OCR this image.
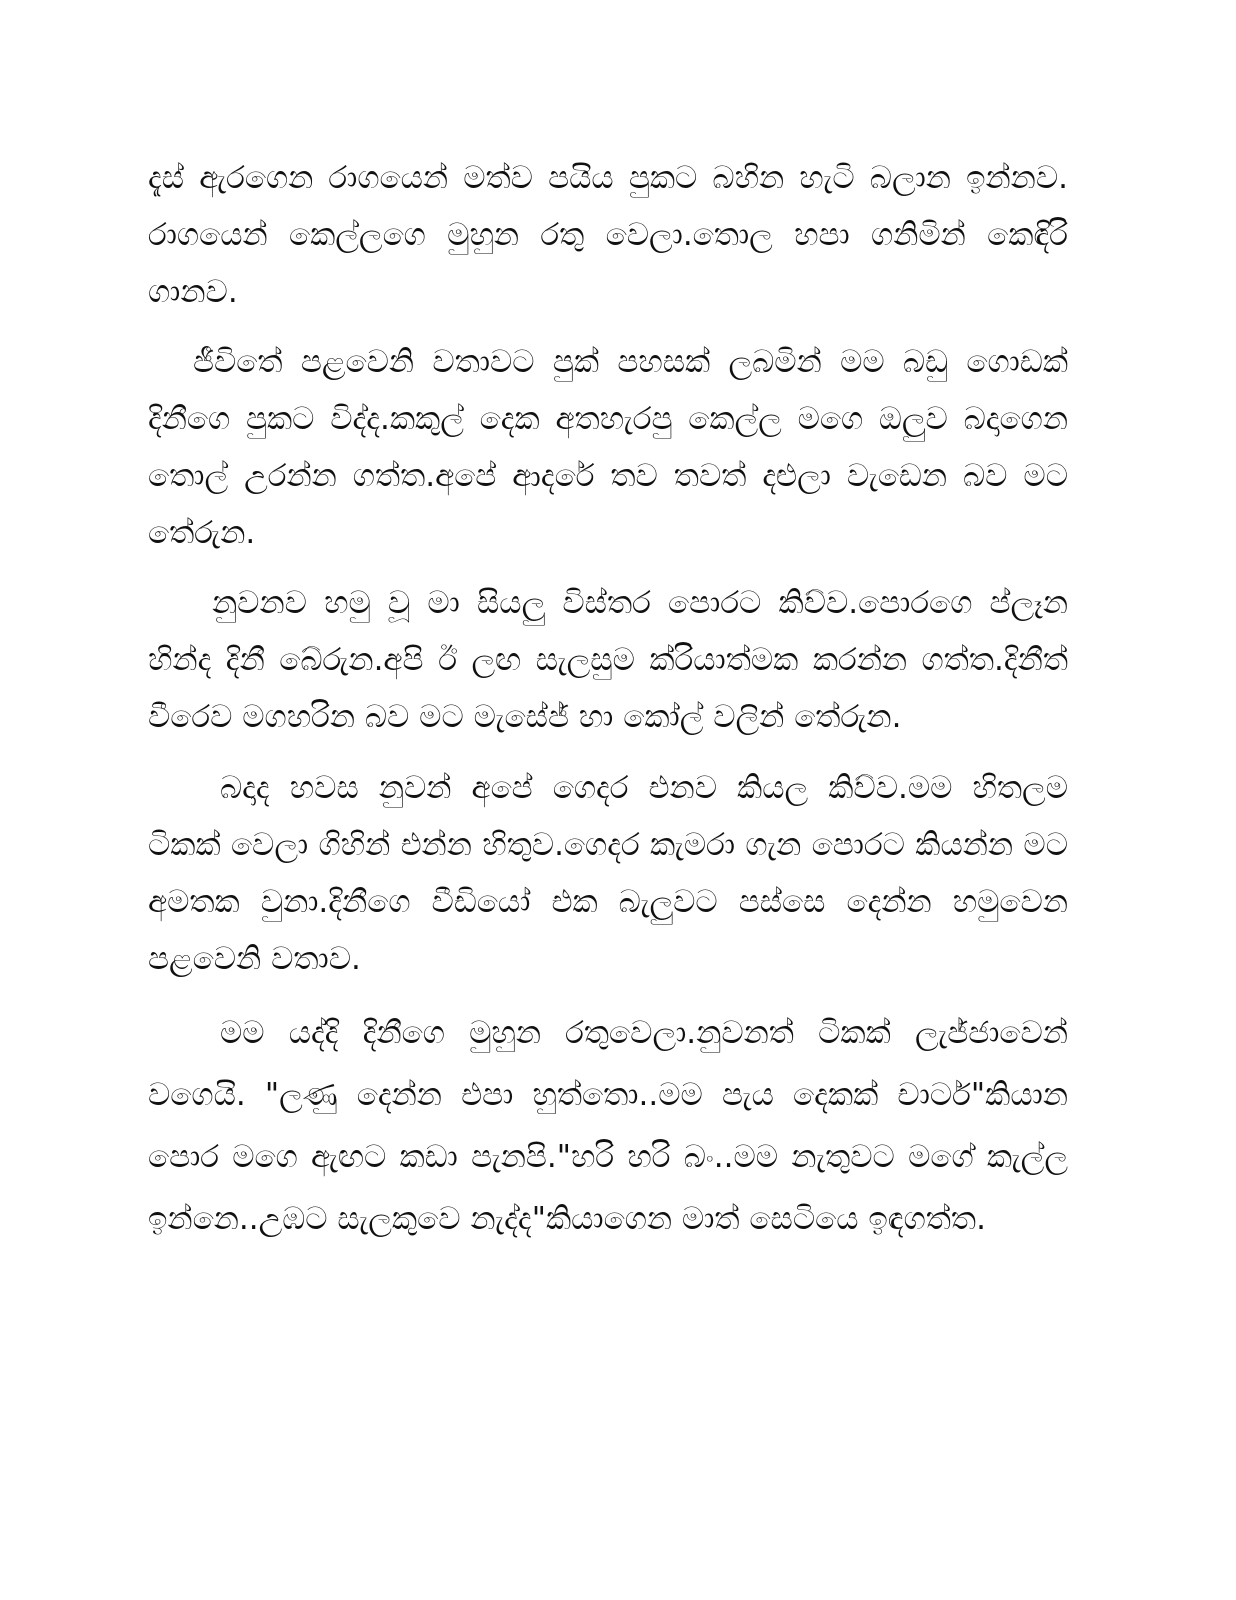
දැස් ඇරගෙන රාගයෙන් මත්ව පයිය පුකට බහින හැටි බලාන ඉන්නව. රාගයෙන් කෙල්ලගෙ මුහුන රතු වෙලා.තොල හපා ගනිමින් කෙඳිරි ගානව.

ජීවිතේ පළවෙනි වතාවට පුක් පහසක් ලබමින් මම බඩු ගොඩක් දිනීගෙ පුකට විද්ද.කකුල් දෙක අතහැරපු කෙල්ල මගෙ ඔලුව බදාගෙන තොල් උරන්න ගත්ත.අපේ ආදරේ තව තවත් දළුලා වැඩෙන බව මට තේරුන.

නුවනව හමු වූ මා සියලු විස්තර පොරට කිව්ව.පොරගෙ ප්ලෑන හින්ද දිනී බේරුන.අපි ඊ ලඟ සැලසුම ක්රියාත්මක කරන්න ගත්ත.දිනීත් වීරෙව මගහරින බව මට මැසේජ් හා කෝල් වලින් තේරුන.

බදාද හවස නුවන් අපේ ගෙදර එනව කියල කිව්ව.මම හිතලම ටිකක් වෙලා ගිහින් එන්න හිතුව.ගෙදර කැමරා ගැන පොරට කියන්න මට අමතක වුනා.දිනීගෙ වීඩියෝ එක බැලුවට පස්සෙ දෙන්න හමුවෙන පළවෙනි වතාව.

මම යද්දි දිනීගෙ මුහුන රතුවෙලා.නුවනත් ටිකක් ලැජ්ජාවෙන් වගෙයි. "ලණු දෙන්න එපා හුත්තො..මම පැය දෙකක් චාටර්"කියාන පොර මගෙ ඇඟට කඩා පැනපි."හරි හරි බං..මම නැතුවට මගේ කැල්ල ඉන්නෙ..උඹට සැලකුවෙ නැද්ද"කියාගෙන මාත් සෙටියෙ ඉඳගත්ත.
